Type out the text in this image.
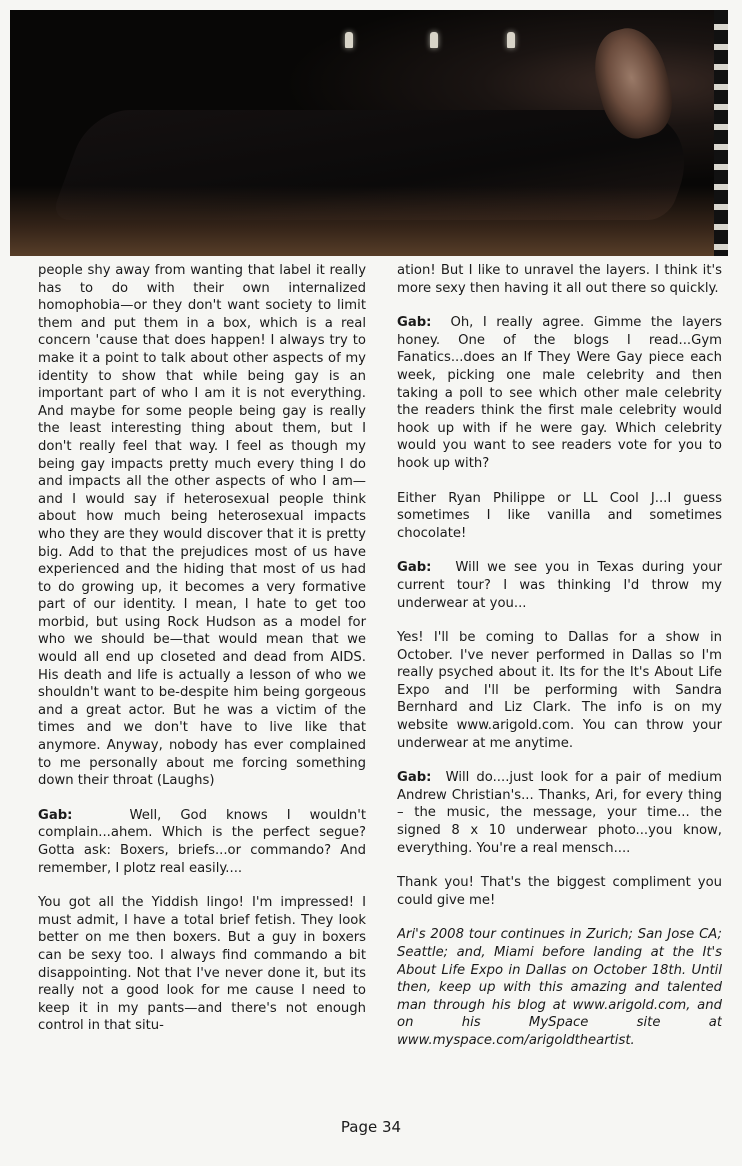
people shy away from wanting that label it really has to do with their own internalized homophobia—or they don't want society to limit them and put them in a box, which is a real concern 'cause that does happen! I always try to make it a point to talk about other aspects of my identity to show that while being gay is an important part of who I am it is not everything. And maybe for some people being gay is really the least interesting thing about them, but I don't really feel that way. I feel as though my being gay impacts pretty much every thing I do and impacts all the other aspects of who I am—and I would say if heterosexual people think about how much being heterosexual impacts who they are they would discover that it is pretty big. Add to that the prejudices most of us have experienced and the hiding that most of us had to do growing up, it becomes a very formative part of our identity. I mean, I hate to get too morbid, but using Rock Hudson as a model for who we should be—that would mean that we would all end up closeted and dead from AIDS. His death and life is actually a lesson of who we shouldn't want to be-despite him being gorgeous and a great actor. But he was a victim of the times and we don't have to live like that anymore. Anyway, nobody has ever complained to me personally about me forcing something down their throat (Laughs)

Gab:	Well, God knows I wouldn't complain...ahem. Which is the perfect segue? Gotta ask: Boxers, briefs...or commando? And remember, I plotz real easily....

You got all the Yiddish lingo! I'm impressed! I must admit, I have a total brief fetish. They look better on me then boxers. But a guy in boxers can be sexy too. I always find commando a bit disappointing. Not that I've never done it, but its really not a good look for me cause I need to keep it in my pants—and there's not enough control in that situ-

ation! But I like to unravel the layers. I think it's more sexy then having it all out there so quickly.

Gab: Oh, I really agree. Gimme the layers honey. One of the blogs I read...Gym Fanatics...does an If They Were Gay piece each week, picking one male celebrity and then taking a poll to see which other male celebrity the readers think the first male celebrity would hook up with if he were gay. Which celebrity would you want to see readers vote for you to hook up with?

Either Ryan Philippe or LL Cool J...I guess sometimes I like vanilla and sometimes chocolate!

Gab: Will we see you in Texas during your current tour? I was thinking I'd throw my underwear at you...

Yes! I'll be coming to Dallas for a show in October. I've never performed in Dallas so I'm really psyched about it. Its for the It's About Life Expo and I'll be performing with Sandra Bernhard and Liz Clark. The info is on my website www.arigold.com. You can throw your underwear at me anytime.

Gab: Will do....just look for a pair of medium Andrew Christian's... Thanks, Ari, for every thing – the music, the message, your time... the signed 8 x 10 underwear photo...you know, everything. You're a real mensch....

Thank you! That's the biggest compliment you could give me!

Ari's 2008 tour continues in Zurich; San Jose CA; Seattle; and, Miami before landing at the It's About Life Expo in Dallas on October 18th. Until then, keep up with this amazing and talented man through his blog at www.arigold.com, and on his MySpace site at www.myspace.com/arigoldtheartist.

Page 34
